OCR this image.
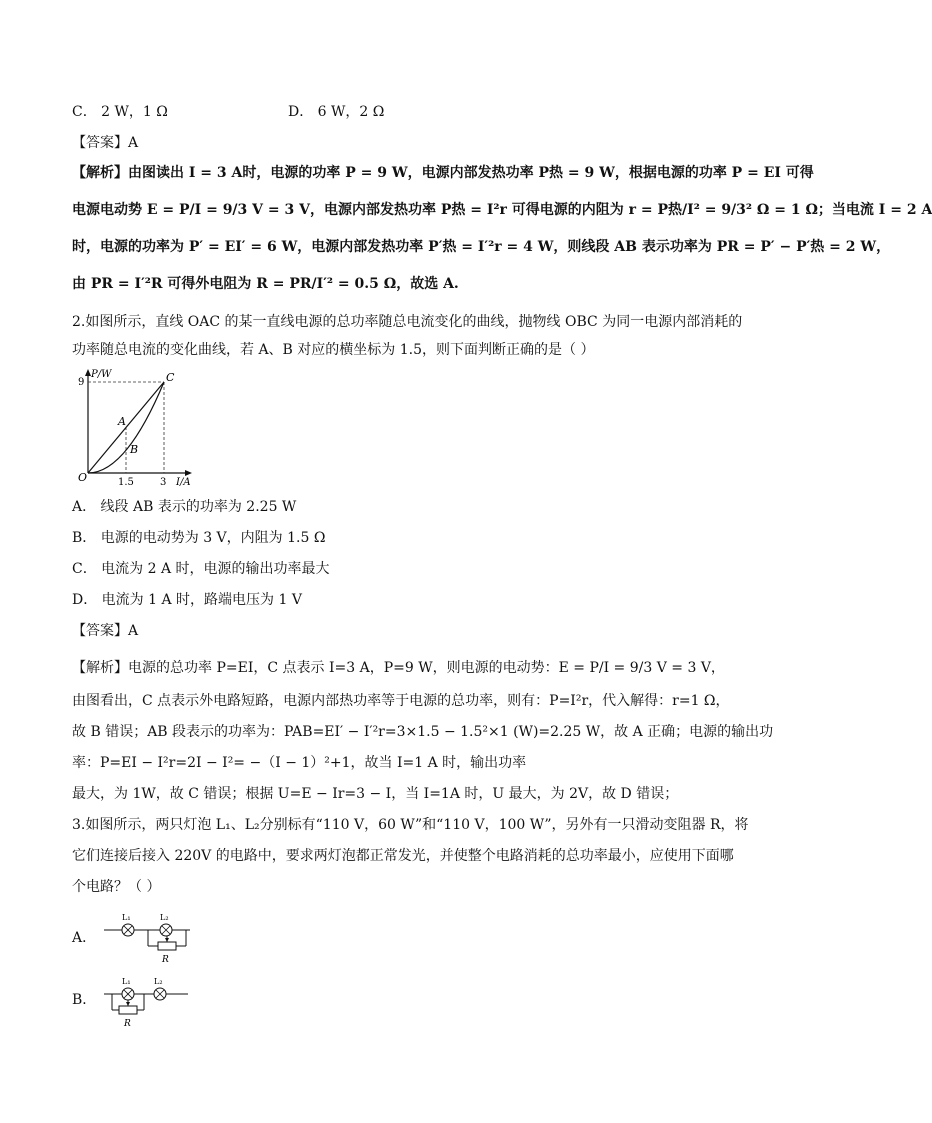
C． 2 W，1 Ω	D． 6 W，2 Ω
【答案】A
【解析】由图读出 I = 3 A时，电源的功率 P = 9 W，电源内部发热功率 P热 = 9 W，根据电源的功率 P = EI 可得
电源电动势 E = P/I = 9/3 V = 3 V，电源内部发热功率 P热 = I²r 可得电源的内阻为 r = P热/I² = 9/3² Ω = 1 Ω；当电流 I = 2 A
时，电源的功率为 P′ = EI′ = 6 W，电源内部发热功率 P′热 = I′²r = 4 W，则线段 AB 表示功率为 PR = P′ − P′热 = 2 W，
由 PR = I′²R 可得外电阻为 R = PR/I′² = 0.5 Ω，故选 A.
2.如图所示，直线 OAC 的某一直线电源的总功率随总电流变化的曲线，抛物线 OBC 为同一电源内部消耗的
功率随总电流的变化曲线，若 A、B 对应的横坐标为 1.5，则下面判断正确的是（ ）
P/W
9	C
A
B
O	1.5	3 I/A
A． 线段 AB 表示的功率为 2.25 W
B． 电源的电动势为 3 V，内阻为 1.5 Ω
C． 电流为 2 A 时，电源的输出功率最大
D． 电流为 1 A 时，路端电压为 1 V
【答案】A
【解析】电源的总功率 P=EI，C 点表示 I=3 A，P=9 W，则电源的电动势：E = P/I = 9/3 V = 3 V，
由图看出，C 点表示外电路短路，电源内部热功率等于电源的总功率，则有：P=I²r，代入解得：r=1 Ω，
故 B 错误；AB 段表示的功率为：PAB=EI′ − I′²r=3×1.5 − 1.5²×1 (W)=2.25 W，故 A 正确；电源的输出功
率：P=EI − I²r=2I − I²= −（I − 1）²+1，故当 I=1 A 时，输出功率
最大，为 1W，故 C 错误；根据 U=E − Ir=3 − I，当 I=1A 时，U 最大，为 2V，故 D 错误；
3.如图所示，两只灯泡 L₁、L₂分别标有“110 V，60 W”和“110 V，100 W”，另外有一只滑动变阻器 R，将
它们连接后接入 220V 的电路中，要求两灯泡都正常发光，并使整个电路消耗的总功率最小，应使用下面哪
个电路？（ ）
A．
L₁	L₂
R
B．
L₁	L₂
R
